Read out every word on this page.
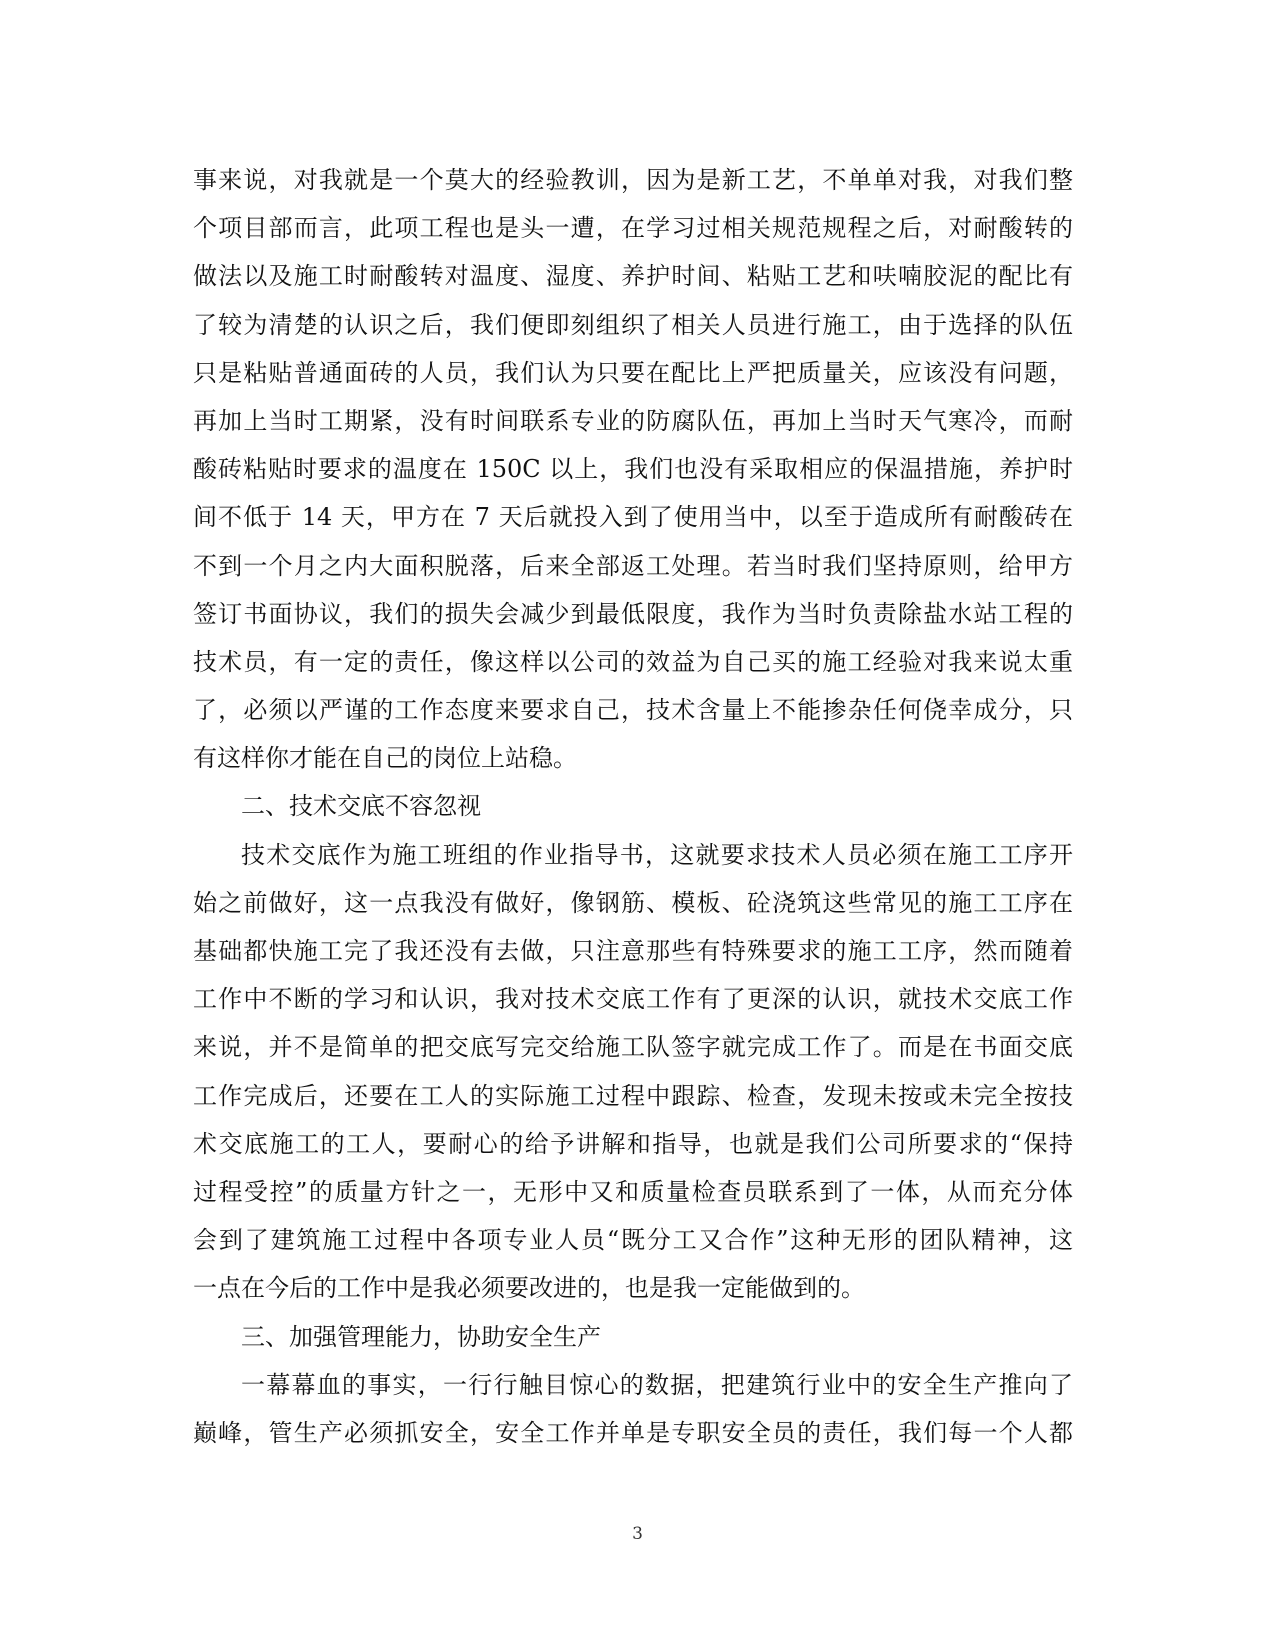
事来说，对我就是一个莫大的经验教训，因为是新工艺，不单单对我，对我们整
个项目部而言，此项工程也是头一遭，在学习过相关规范规程之后，对耐酸转的
做法以及施工时耐酸转对温度、湿度、养护时间、粘贴工艺和呋喃胶泥的配比有
了较为清楚的认识之后，我们便即刻组织了相关人员进行施工，由于选择的队伍
只是粘贴普通面砖的人员，我们认为只要在配比上严把质量关，应该没有问题，
再加上当时工期紧，没有时间联系专业的防腐队伍，再加上当时天气寒冷，而耐
酸砖粘贴时要求的温度在 150C 以上，我们也没有采取相应的保温措施，养护时
间不低于 14 天，甲方在 7 天后就投入到了使用当中，以至于造成所有耐酸砖在
不到一个月之内大面积脱落，后来全部返工处理。若当时我们坚持原则，给甲方
签订书面协议，我们的损失会减少到最低限度，我作为当时负责除盐水站工程的
技术员，有一定的责任，像这样以公司的效益为自己买的施工经验对我来说太重
了，必须以严谨的工作态度来要求自己，技术含量上不能掺杂任何侥幸成分，只
有这样你才能在自己的岗位上站稳。
二、技术交底不容忽视
技术交底作为施工班组的作业指导书，这就要求技术人员必须在施工工序开
始之前做好，这一点我没有做好，像钢筋、模板、砼浇筑这些常见的施工工序在
基础都快施工完了我还没有去做，只注意那些有特殊要求的施工工序，然而随着
工作中不断的学习和认识，我对技术交底工作有了更深的认识，就技术交底工作
来说，并不是简单的把交底写完交给施工队签字就完成工作了。而是在书面交底
工作完成后，还要在工人的实际施工过程中跟踪、检查，发现未按或未完全按技
术交底施工的工人，要耐心的给予讲解和指导，也就是我们公司所要求的“保持
过程受控”的质量方针之一，无形中又和质量检查员联系到了一体，从而充分体
会到了建筑施工过程中各项专业人员“既分工又合作”这种无形的团队精神，这
一点在今后的工作中是我必须要改进的，也是我一定能做到的。
三、加强管理能力，协助安全生产
一幕幕血的事实，一行行触目惊心的数据，把建筑行业中的安全生产推向了
巅峰，管生产必须抓安全，安全工作并单是专职安全员的责任，我们每一个人都
3
